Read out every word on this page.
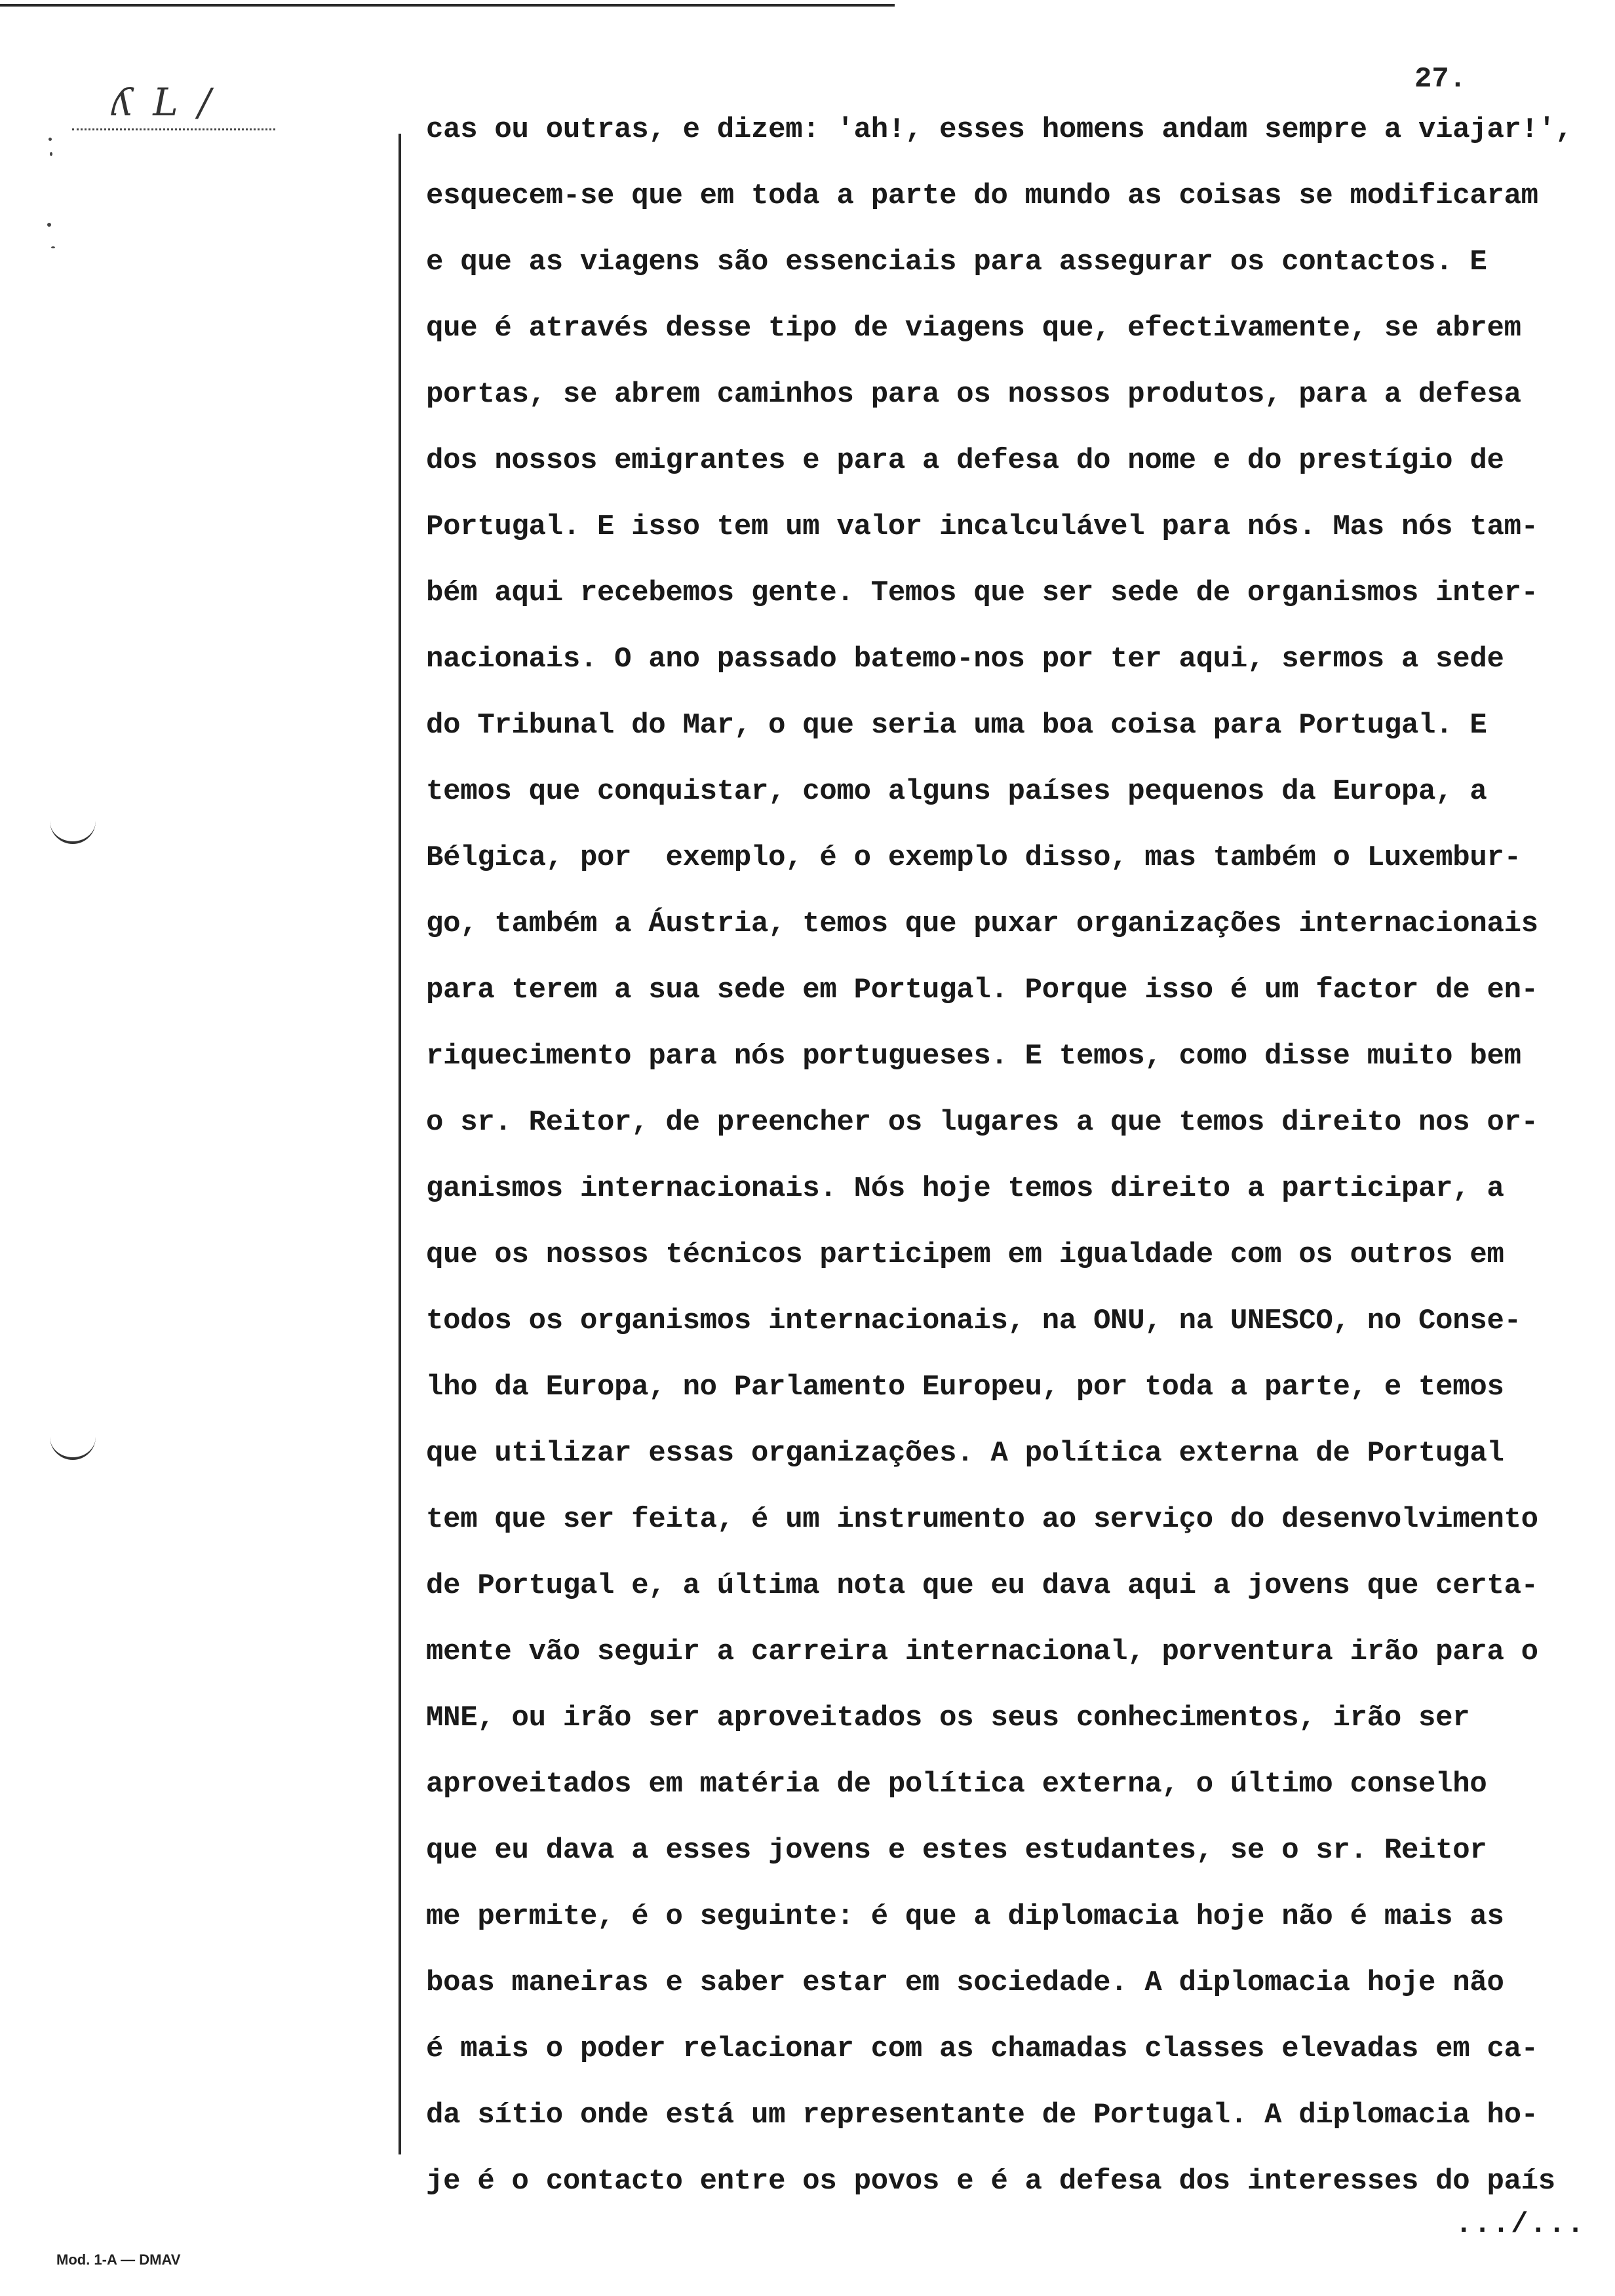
ʎ L /
27.
cas ou outras, e dizem: 'ah!, esses homens andam sempre a viajar!',
esquecem-se que em toda a parte do mundo as coisas se modificaram
e que as viagens são essenciais para assegurar os contactos. E
que é através desse tipo de viagens que, efectivamente, se abrem
portas, se abrem caminhos para os nossos produtos, para a defesa
dos nossos emigrantes e para a defesa do nome e do prestígio de
Portugal. E isso tem um valor incalculável para nós. Mas nós tam-
bém aqui recebemos gente. Temos que ser sede de organismos inter-
nacionais. O ano passado batemo-nos por ter aqui, sermos a sede
do Tribunal do Mar, o que seria uma boa coisa para Portugal. E
temos que conquistar, como alguns países pequenos da Europa, a
Bélgica, por  exemplo, é o exemplo disso, mas também o Luxembur-
go, também a Áustria, temos que puxar organizações internacionais
para terem a sua sede em Portugal. Porque isso é um factor de en-
riquecimento para nós portugueses. E temos, como disse muito bem
o sr. Reitor, de preencher os lugares a que temos direito nos or-
ganismos internacionais. Nós hoje temos direito a participar, a
que os nossos técnicos participem em igualdade com os outros em
todos os organismos internacionais, na ONU, na UNESCO, no Conse-
lho da Europa, no Parlamento Europeu, por toda a parte, e temos
que utilizar essas organizações. A política externa de Portugal
tem que ser feita, é um instrumento ao serviço do desenvolvimento
de Portugal e, a última nota que eu dava aqui a jovens que certa-
mente vão seguir a carreira internacional, porventura irão para o
MNE, ou irão ser aproveitados os seus conhecimentos, irão ser
aproveitados em matéria de política externa, o último conselho
que eu dava a esses jovens e estes estudantes, se o sr. Reitor
me permite, é o seguinte: é que a diplomacia hoje não é mais as
boas maneiras e saber estar em sociedade. A diplomacia hoje não
é mais o poder relacionar com as chamadas classes elevadas em ca-
da sítio onde está um representante de Portugal. A diplomacia ho-
je é o contacto entre os povos e é a defesa dos interesses do país
.../...
Mod. 1-A — DMAV
